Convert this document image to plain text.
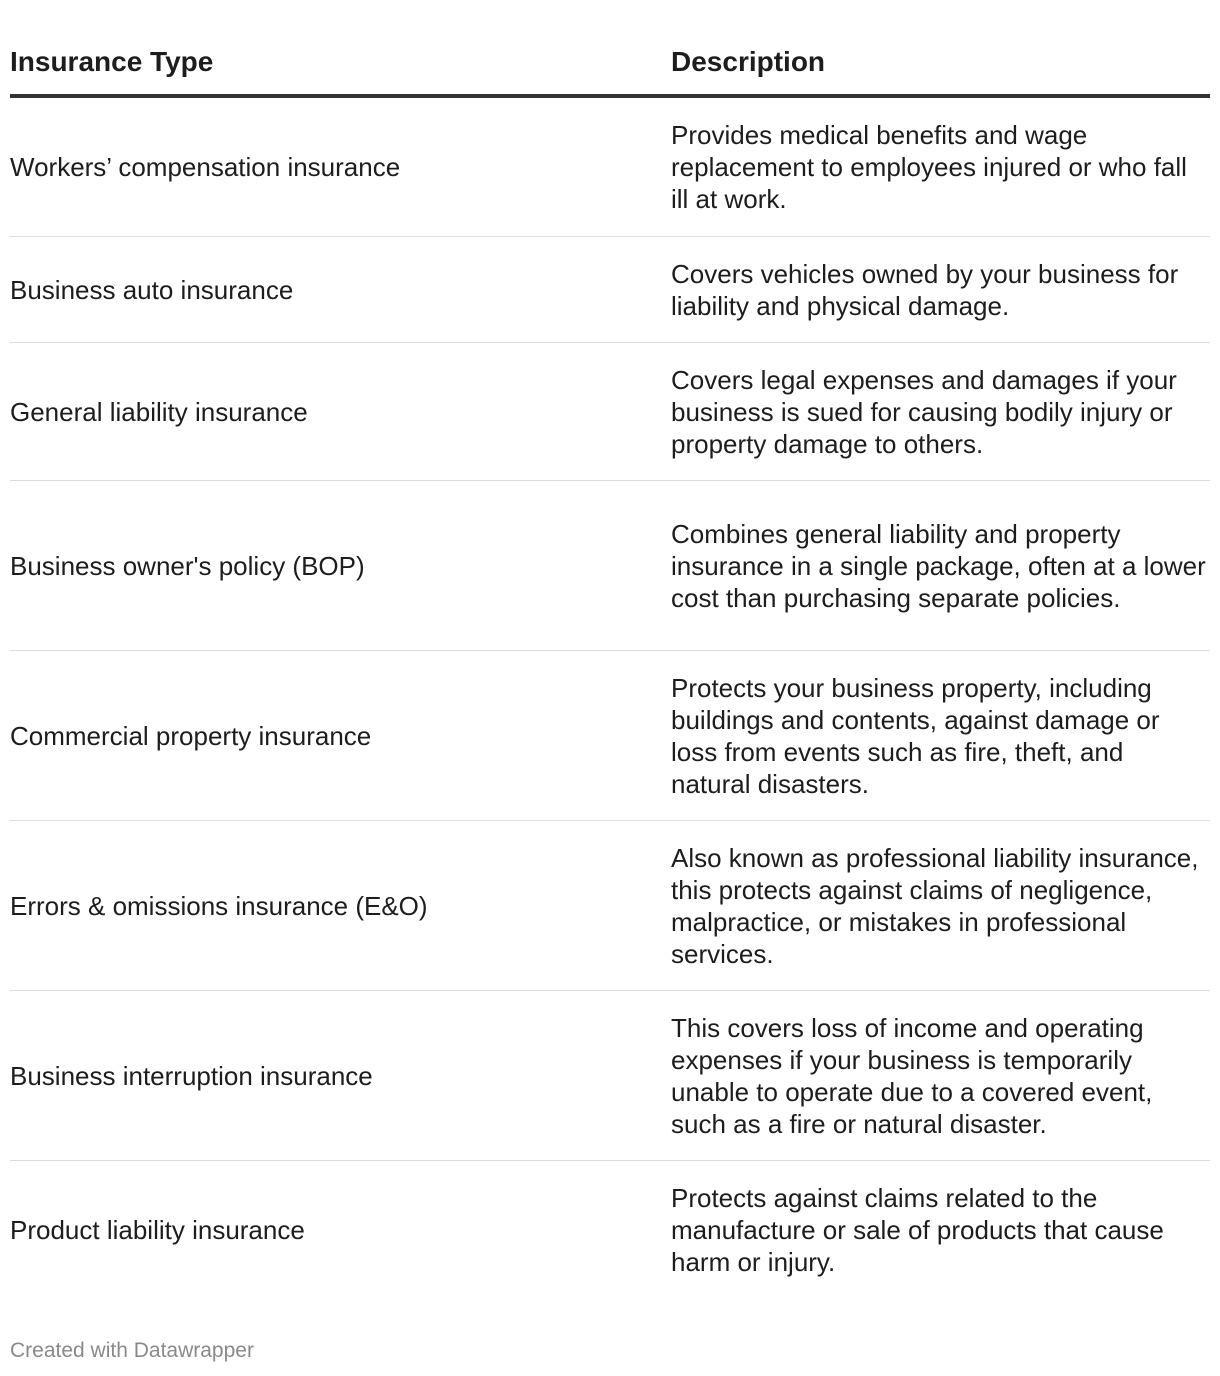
Insurance Type	Description
Workers’ compensation insurance
Provides medical benefits and wage replacement to employees injured or who fall ill at work.
Business auto insurance
Covers vehicles owned by your business for liability and physical damage.
General liability insurance
Covers legal expenses and damages if your business is sued for causing bodily injury or property damage to others.
Business owner's policy (BOP)
Combines general liability and property insurance in a single package, often at a lower cost than purchasing separate policies.
Commercial property insurance
Protects your business property, including buildings and contents, against damage or loss from events such as fire, theft, and natural disasters.
Errors & omissions insurance (E&O)
Also known as professional liability insurance, this protects against claims of negligence, malpractice, or mistakes in professional services.
Business interruption insurance
This covers loss of income and operating expenses if your business is temporarily unable to operate due to a covered event, such as a fire or natural disaster.
Product liability insurance
Protects against claims related to the manufacture or sale of products that cause harm or injury.
Created with Datawrapper
